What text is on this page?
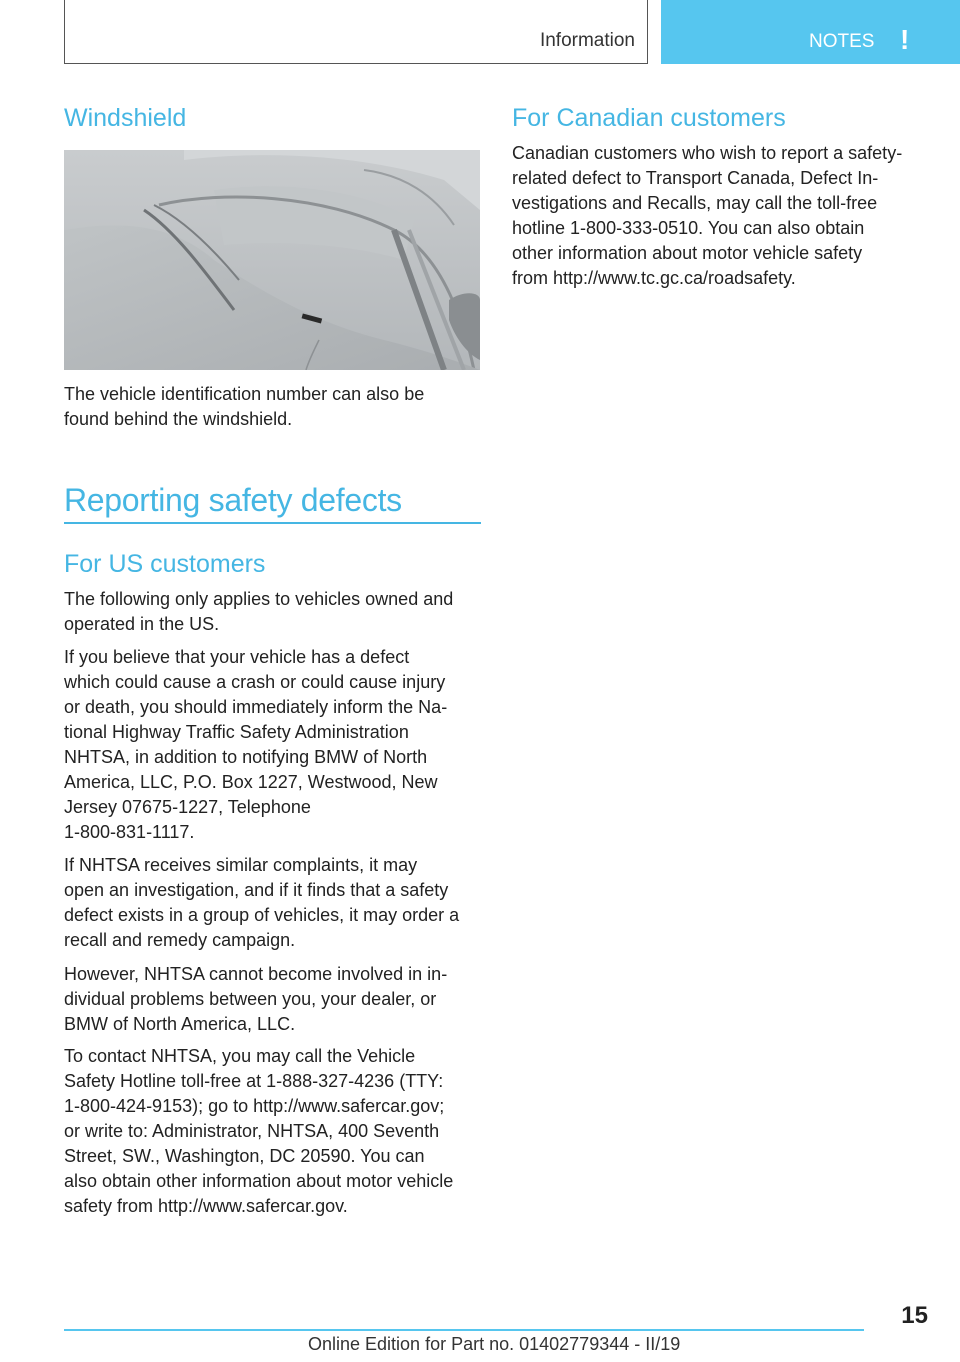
Information	NOTES !
Windshield

The vehicle identification number can also be
found behind the windshield.

Reporting safety defects
For US customers

The following only applies to vehicles owned and
operated in the US.

If you believe that your vehicle has a defect
which could cause a crash or could cause injury
or death, you should immediately inform the Na-
tional Highway Traffic Safety Administration
NHTSA, in addition to notifying BMW of North
America, LLC, P.O. Box 1227, Westwood, New
Jersey 07675-1227, Telephone
1-800-831-1117.

If NHTSA receives similar complaints, it may
open an investigation, and if it finds that a safety
defect exists in a group of vehicles, it may order a
recall and remedy campaign.

However, NHTSA cannot become involved in in-
dividual problems between you, your dealer, or
BMW of North America, LLC.

To contact NHTSA, you may call the Vehicle
Safety Hotline toll-free at 1-888-327-4236 (TTY:
1-800-424-9153); go to http://www.safercar.gov;
or write to: Administrator, NHTSA, 400 Seventh
Street, SW., Washington, DC 20590. You can
also obtain other information about motor vehicle
safety from http://www.safercar.gov.

For Canadian customers

Canadian customers who wish to report a safety-
related defect to Transport Canada, Defect In-
vestigations and Recalls, may call the toll-free
hotline 1-800-333-0510. You can also obtain
other information about motor vehicle safety
from http://www.tc.gc.ca/roadsafety.

15
Online Edition for Part no. 01402779344 - II/19
